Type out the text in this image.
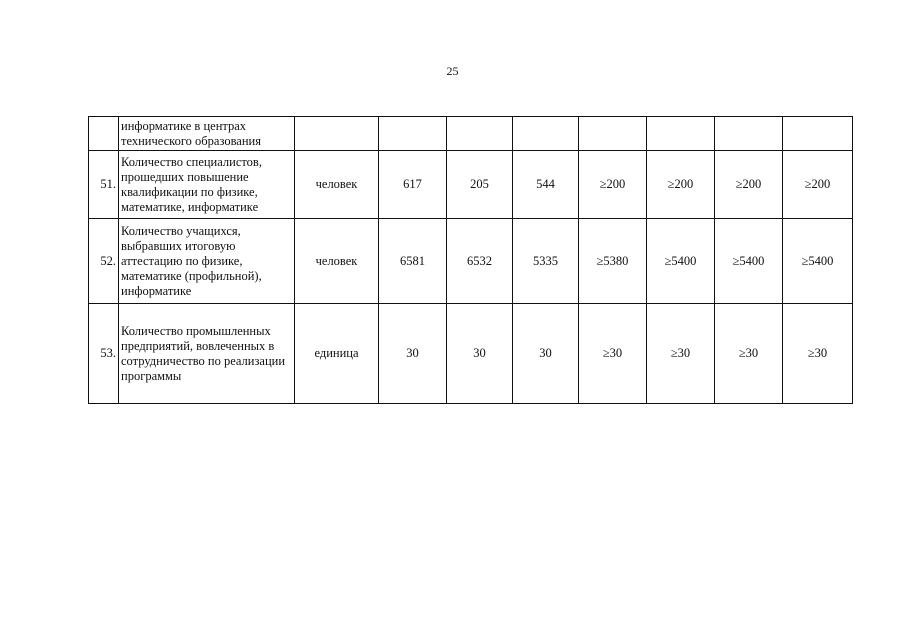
25
	информатике в центрах технического образования								
51.	Количество специалистов, прошедших повышение квалификации по физике, математике, информатике	человек	617	205	544	≥200	≥200	≥200	≥200
52.	Количество учащихся, выбравших итоговую аттестацию по физике, математике (профильной), информатике	человек	6581	6532	5335	≥5380	≥5400	≥5400	≥5400
53.	Количество промышленных предприятий, вовлеченных в сотрудничество по реализации программы	единица	30	30	30	≥30	≥30	≥30	≥30
